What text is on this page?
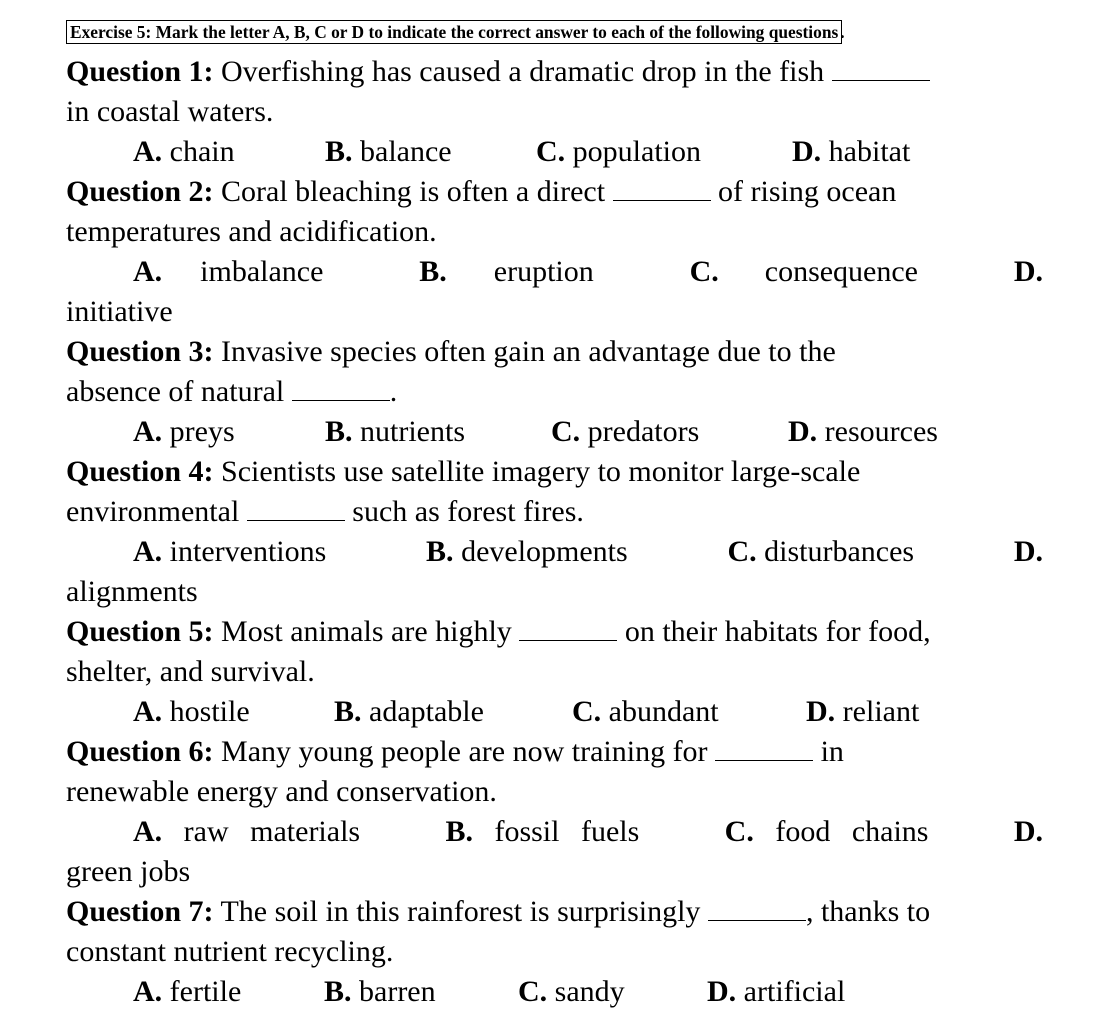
Exercise 5: Mark the letter A, B, C or D to indicate the correct answer to each of the following questions .

Question 1: Overfishing has caused a dramatic drop in the fish
in coastal waters.

A. chain	B. balance	C. population	D. habitat

Question 2: Coral bleaching is often a direct	of rising ocean
temperatures and acidification.

A. imbalance	B. eruption	C. consequence	D.
initiative

Question 3: Invasive species often gain an advantage due to the
absence of natural	.

A. preys	B. nutrients	C. predators	D. resources

Question 4: Scientists use satellite imagery to monitor large-scale
environmental	such as forest fires.

A. interventions	B. developments	C. disturbances	D.
alignments

Question 5: Most animals are highly	on their habitats for food,
shelter, and survival.

A. hostile	B. adaptable	C. abundant	D. reliant

Question 6: Many young people are now training for	in
renewable energy and conservation.

A. raw materials	B. fossil fuels	C. food chains	D.
green jobs

Question 7: The soil in this rainforest is surprisingly	, thanks to
constant nutrient recycling.

A. fertile	B. barren	C. sandy	D. artificial
